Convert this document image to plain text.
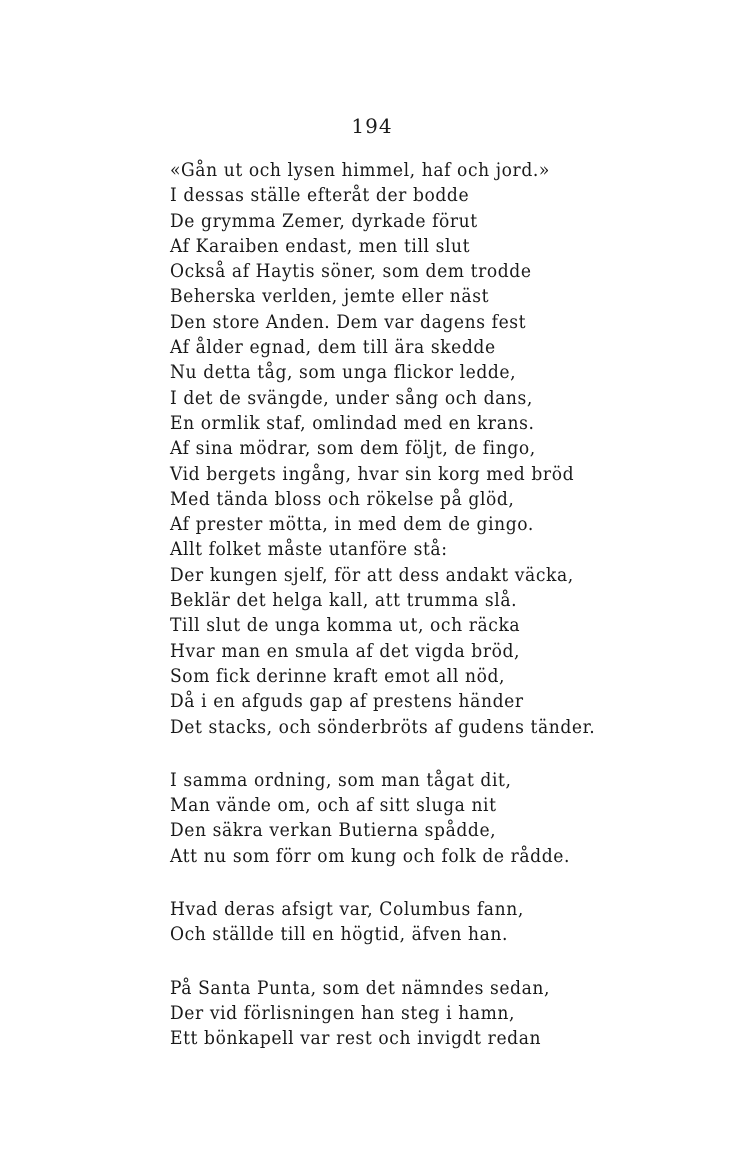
194
«Gån ut och lysen himmel, haf och jord.»
I dessas ställe efteråt der bodde
De grymma Zemer, dyrkade förut
Af Karaiben endast, men till slut
Också af Haytis söner, som dem trodde
Beherska verlden, jemte eller näst
Den store Anden. Dem var dagens fest
Af ålder egnad, dem till ära skedde
Nu detta tåg, som unga flickor ledde,
I det de svängde, under sång och dans,
En ormlik staf, omlindad med en krans.
Af sina mödrar, som dem följt, de fingo,
Vid bergets ingång, hvar sin korg med bröd
Med tända bloss och rökelse på glöd,
Af prester mötta, in med dem de gingo.
Allt folket måste utanföre stå:
Der kungen sjelf, för att dess andakt väcka,
Beklär det helga kall, att trumma slå.
Till slut de unga komma ut, och räcka
Hvar man en smula af det vigda bröd,
Som fick derinne kraft emot all nöd,
Då i en afguds gap af prestens händer
Det stacks, och sönderbröts af gudens tänder.
I samma ordning, som man tågat dit,
Man vände om, och af sitt sluga nit
Den säkra verkan Butierna spådde,
Att nu som förr om kung och folk de rådde.
Hvad deras afsigt var, Columbus fann,
Och ställde till en högtid, äfven han.
På Santa Punta, som det nämndes sedan,
Der vid förlisningen han steg i hamn,
Ett bönkapell var rest och invigdt redan
